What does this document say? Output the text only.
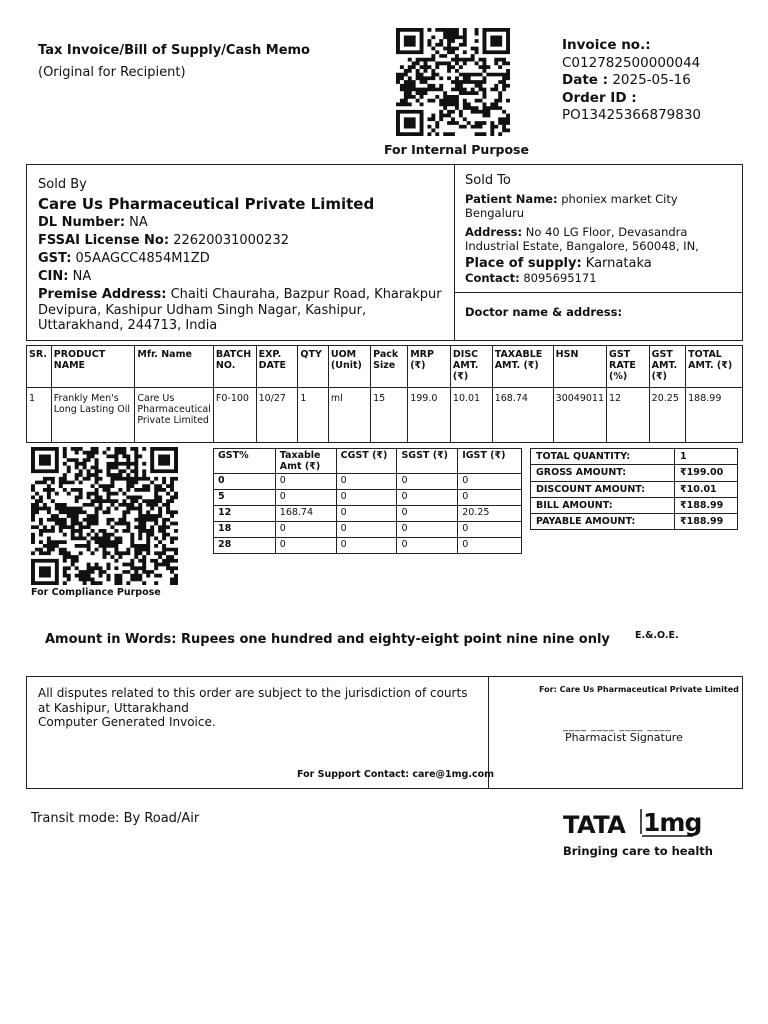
Tax Invoice/Bill of Supply/Cash Memo
(Original for Recipient)
For Internal Purpose
Invoice no.:
C012782500000044
Date : 2025-05-16
Order ID :
PO13425366879830
Sold By
Care Us Pharmaceutical Private Limited
DL Number: NA
FSSAI License No: 22620031000232
GST: 05AAGCC4854M1ZD
CIN: NA
Premise Address: Chaiti Chauraha, Bazpur Road, Kharakpur Devipura, Kashipur Udham Singh Nagar, Kashipur, Uttarakhand, 244713, India
Sold To
Patient Name: phoniex market City Bengaluru
Address: No 40 LG Floor, Devasandra Industrial Estate, Bangalore, 560048, IN,
Place of supply: Karnataka
Contact: 8095695171
Doctor name & address:
SR.	PRODUCT NAME	Mfr. Name	BATCH NO.	EXP. DATE	QTY	UOM (Unit)	Pack Size	MRP (₹)	DISC AMT. (₹)	TAXABLE AMT. (₹)	HSN	GST RATE (%)	GST AMT. (₹)	TOTAL AMT. (₹)
1	Frankly Men's Long Lasting Oil	Care Us Pharmaceutical Private Limited	F0-100	10/27	1	ml	15	199.0	10.01	168.74	30049011	12	20.25	188.99
For Compliance Purpose
GST%	Taxable Amt (₹)	CGST (₹)	SGST (₹)	IGST (₹)
0	0	0	0	0
5	0	0	0	0
12	168.74	0	0	20.25
18	0	0	0	0
28	0	0	0	0
TOTAL QUANTITY:	1
GROSS AMOUNT:	₹199.00
DISCOUNT AMOUNT:	₹10.01
BILL AMOUNT:	₹188.99
PAYABLE AMOUNT:	₹188.99
Amount in Words: Rupees one hundred and eighty-eight point nine nine only	E.&.O.E.
All disputes related to this order are subject to the jurisdiction of courts at Kashipur, Uttarakhand
Computer Generated Invoice.
For Support Contact: care@1mg.com
For: Care Us Pharmaceutical Private Limited
____ ____ ____ ____
Pharmacist Signature
Transit mode: By Road/Air	TATA 1mg
Bringing care to health
